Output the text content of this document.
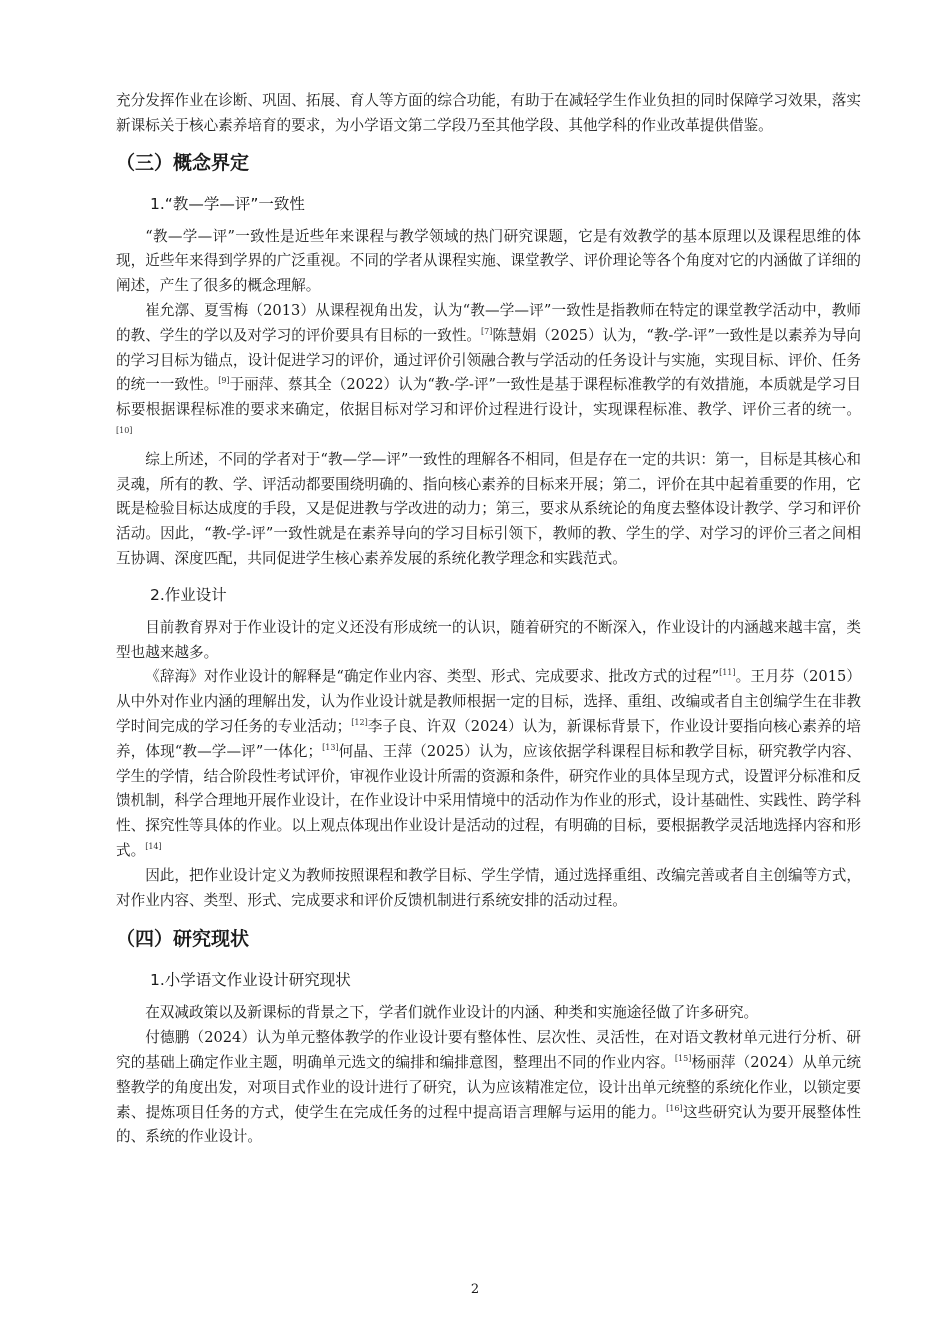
充分发挥作业在诊断、巩固、拓展、育人等方面的综合功能，有助于在减轻学生作业负担的同时保障学习效果，落实新课标关于核心素养培育的要求，为小学语文第二学段乃至其他学段、其他学科的作业改革提供借鉴。

（三）概念界定
1.“教—学—评”一致性

“教—学—评”一致性是近些年来课程与教学领域的热门研究课题，它是有效教学的基本原理以及课程思维的体现，近些年来得到学界的广泛重视。不同的学者从课程实施、课堂教学、评价理论等各个角度对它的内涵做了详细的阐述，产生了很多的概念理解。

崔允漷、夏雪梅（2013）从课程视角出发，认为“教—学—评”一致性是指教师在特定的课堂教学活动中，教师的教、学生的学以及对学习的评价要具有目标的一致性。[7]陈慧娟（2025）认为，“教-学-评”一致性是以素养为导向的学习目标为锚点，设计促进学习的评价，通过评价引领融合教与学活动的任务设计与实施，实现目标、评价、任务的统一一致性。[9]于丽萍、蔡其全（2022）认为“教-学-评”一致性是基于课程标准教学的有效措施，本质就是学习目标要根据课程标准的要求来确定，依据目标对学习和评价过程进行设计，实现课程标准、教学、评价三者的统一。[10]

综上所述，不同的学者对于“教—学—评”一致性的理解各不相同，但是存在一定的共识：第一，目标是其核心和灵魂，所有的教、学、评活动都要围绕明确的、指向核心素养的目标来开展；第二，评价在其中起着重要的作用，它既是检验目标达成度的手段，又是促进教与学改进的动力；第三，要求从系统论的角度去整体设计教学、学习和评价活动。因此，“教-学-评”一致性就是在素养导向的学习目标引领下，教师的教、学生的学、对学习的评价三者之间相互协调、深度匹配，共同促进学生核心素养发展的系统化教学理念和实践范式。

2.作业设计

目前教育界对于作业设计的定义还没有形成统一的认识，随着研究的不断深入，作业设计的内涵越来越丰富，类型也越来越多。

《辞海》对作业设计的解释是“确定作业内容、类型、形式、完成要求、批改方式的过程”[11]。王月芬（2015）从中外对作业内涵的理解出发，认为作业设计就是教师根据一定的目标，选择、重组、改编或者自主创编学生在非教学时间完成的学习任务的专业活动；[12]李子良、许双（2024）认为，新课标背景下，作业设计要指向核心素养的培养，体现“教—学—评”一体化；[13]何晶、王萍（2025）认为，应该依据学科课程目标和教学目标，研究教学内容、学生的学情，结合阶段性考试评价，审视作业设计所需的资源和条件，研究作业的具体呈现方式，设置评分标准和反馈机制，科学合理地开展作业设计，在作业设计中采用情境中的活动作为作业的形式，设计基础性、实践性、跨学科性、探究性等具体的作业。以上观点体现出作业设计是活动的过程，有明确的目标，要根据教学灵活地选择内容和形式。[14]

因此，把作业设计定义为教师按照课程和教学目标、学生学情，通过选择重组、改编完善或者自主创编等方式，对作业内容、类型、形式、完成要求和评价反馈机制进行系统安排的活动过程。

（四）研究现状
1.小学语文作业设计研究现状

在双减政策以及新课标的背景之下，学者们就作业设计的内涵、种类和实施途径做了许多研究。

付德鹏（2024）认为单元整体教学的作业设计要有整体性、层次性、灵活性，在对语文教材单元进行分析、研究的基础上确定作业主题，明确单元选文的编排和编排意图，整理出不同的作业内容。[15]杨丽萍（2024）从单元统整教学的角度出发，对项目式作业的设计进行了研究，认为应该精准定位，设计出单元统整的系统化作业，以锁定要素、提炼项目任务的方式，使学生在完成任务的过程中提高语言理解与运用的能力。[16]这些研究认为要开展整体性的、系统的作业设计。

2
